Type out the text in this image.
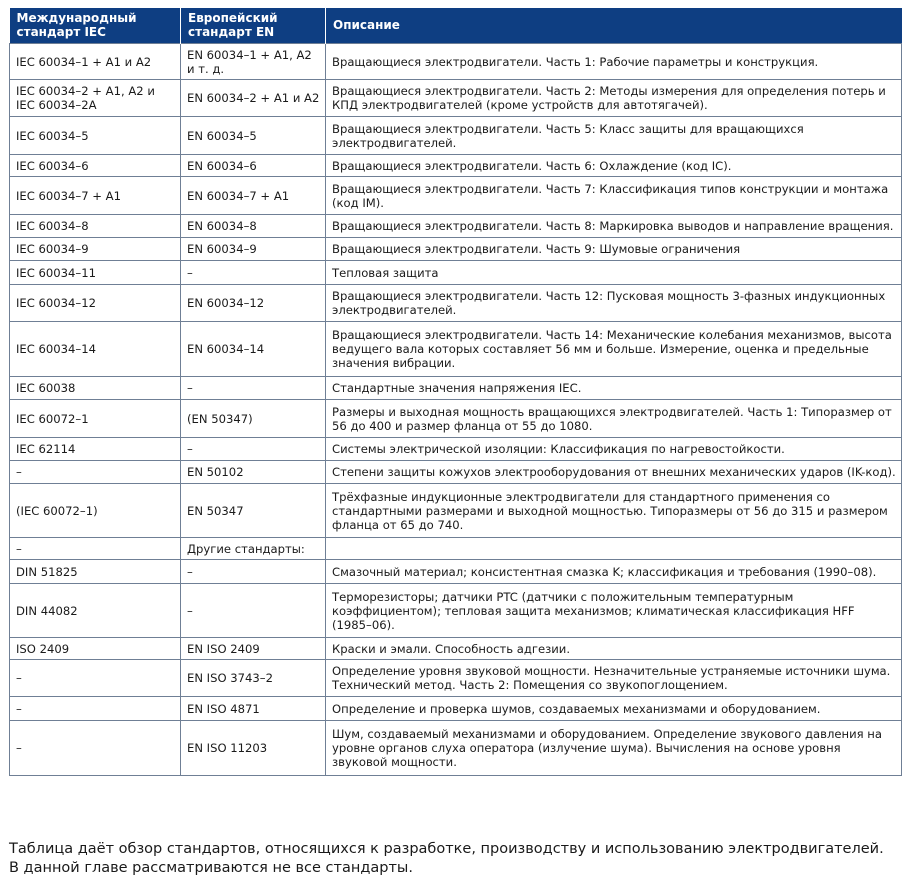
Международный стандарт IEC	Европейский стандарт EN	Описание
IEC 60034–1 + A1 и A2	EN 60034–1 + A1, A2 и т. д.	Вращающиеся электродвигатели. Часть 1: Рабочие параметры и конструкция.
IEC 60034–2 + A1, A2 и IEC 60034–2A	EN 60034–2 + A1 и A2	Вращающиеся электродвигатели. Часть 2: Методы измерения для определения потерь и КПД электродвигателей (кроме устройств для автотягачей).
IEC 60034–5	EN 60034–5	Вращающиеся электродвигатели. Часть 5: Класс защиты для вращающихся электродвигателей.
IEC 60034–6	EN 60034–6	Вращающиеся электродвигатели. Часть 6: Охлаждение (код IC).
IEC 60034–7 + A1	EN 60034–7 + A1	Вращающиеся электродвигатели. Часть 7: Классификация типов конструкции и монтажа (код IM).
IEC 60034–8	EN 60034–8	Вращающиеся электродвигатели. Часть 8: Маркировка выводов и направление вращения.
IEC 60034–9	EN 60034–9	Вращающиеся электродвигатели. Часть 9: Шумовые ограничения
IEC 60034–11	–	Тепловая защита
IEC 60034–12	EN 60034–12	Вращающиеся электродвигатели. Часть 12: Пусковая мощность 3-фазных индукционных электродвигателей.
IEC 60034–14	EN 60034–14	Вращающиеся электродвигатели. Часть 14: Механические колебания механизмов, высота ведущего вала которых составляет 56 мм и больше. Измерение, оценка и предельные значения вибрации.
IEC 60038	–	Стандартные значения напряжения IEC.
IEC 60072–1	(EN 50347)	Размеры и выходная мощность вращающихся электродвигателей. Часть 1: Типоразмер от 56 до 400 и размер фланца от 55 до 1080.
IEC 62114	–	Системы электрической изоляции: Классификация по нагревостойкости.
–	EN 50102	Степени защиты кожухов электрооборудования от внешних механических ударов (IK-код).
(IEC 60072–1)	EN 50347	Трёхфазные индукционные электродвигатели для стандартного применения со стандартными размерами и выходной мощностью. Типоразмеры от 56 до 315 и размером фланца от 65 до 740.
–	Другие стандарты:	
DIN 51825	–	Смазочный материал; консистентная смазка K; классификация и требования (1990–08).
DIN 44082	–	Терморезисторы; датчики PTC (датчики с положительным температурным коэффициентом); тепловая защита механизмов; климатическая классификация HFF (1985–06).
ISO 2409	EN ISO 2409	Краски и эмали. Способность адгезии.
–	EN ISO 3743–2	Определение уровня звуковой мощности. Незначительные устраняемые источники шума. Технический метод. Часть 2: Помещения со звукопоглощением.
–	EN ISO 4871	Определение и проверка шумов, создаваемых механизмами и оборудованием.
–	EN ISO 11203	Шум, создаваемый механизмами и оборудованием. Определение звукового давления на уровне органов слуха оператора (излучение шума). Вычисления на основе уровня звуковой мощности.
Таблица даёт обзор стандартов, относящихся к разработке, производству и использованию электродвигателей.
В данной главе рассматриваются не все стандарты.
